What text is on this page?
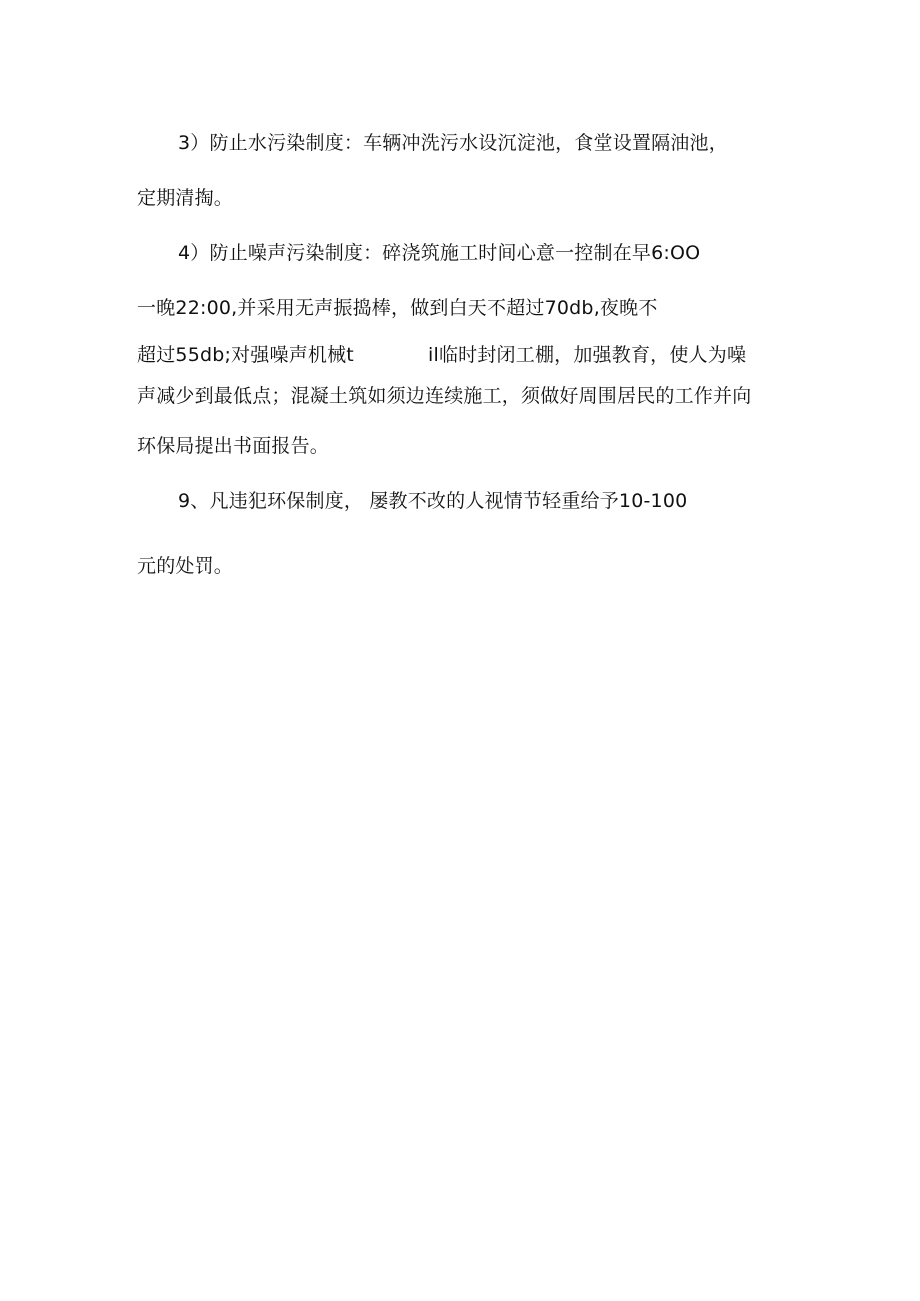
3）防止水污染制度：车辆冲洗污水设沉淀池，食堂设置隔油池，
定期清掏。
4）防止噪声污染制度：碎浇筑施工时间心意一控制在早6:OO
一晚22:00,并采用无声振捣棒，做到白天不超过70db,夜晚不
超过55db;对强噪声机械t	il临时封闭工棚，加强教育，使人为噪
声减少到最低点；混凝土筑如须边连续施工，须做好周围居民的工作并向
环保局提出书面报告。
9、凡违犯环保制度， 屡教不改的人视情节轻重给予10-100
元的处罚。
